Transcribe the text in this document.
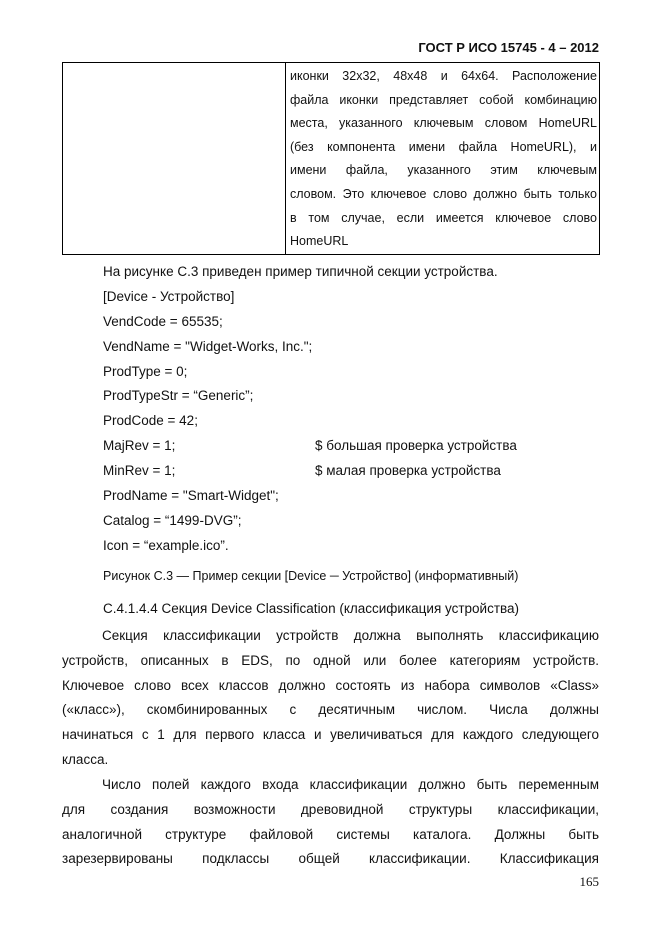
ГОСТ Р ИСО 15745 - 4 – 2012

иконки 32x32, 48x48 и 64x64. Расположение
файла иконки представляет собой комбинацию
места, указанного ключевым словом HomeURL
(без компонента имени файла HomeURL), и
имени файла, указанного этим ключевым
словом. Это ключевое слово должно быть только
в том случае, если имеется ключевое слово
HomeURL
На рисунке С.3 приведен пример типичной секции устройства.
[Device - Устройство]
VendCode = 65535;
VendName = "Widget-Works, Inc.";
ProdType = 0;
ProdTypeStr = “Generic”;
ProdCode = 42;
MajRev = 1;	$ большая проверка устройства
MinRev = 1;	$ малая проверка устройства
ProdName = "Smart-Widget";
Catalog = “1499-DVG”;
Icon = “example.ico”.
Рисунок С.3 — Пример секции [Device ─ Устройство] (информативный)
С.4.1.4.4 Секция Device Classification (классификация устройства)
Секция классификации устройств должна выполнять классификацию
устройств, описанных в EDS, по одной или более категориям устройств.
Ключевое слово всех классов должно состоять из набора символов «Class»
(«класс»), скомбинированных с десятичным числом. Числа должны
начинаться с 1 для первого класса и увеличиваться для каждого следующего
класса.
Число полей каждого входа классификации должно быть переменным
для создания возможности древовидной структуры классификации,
аналогичной структуре файловой системы каталога. Должны быть
зарезервированы подклассы общей классификации. Классификация
165
